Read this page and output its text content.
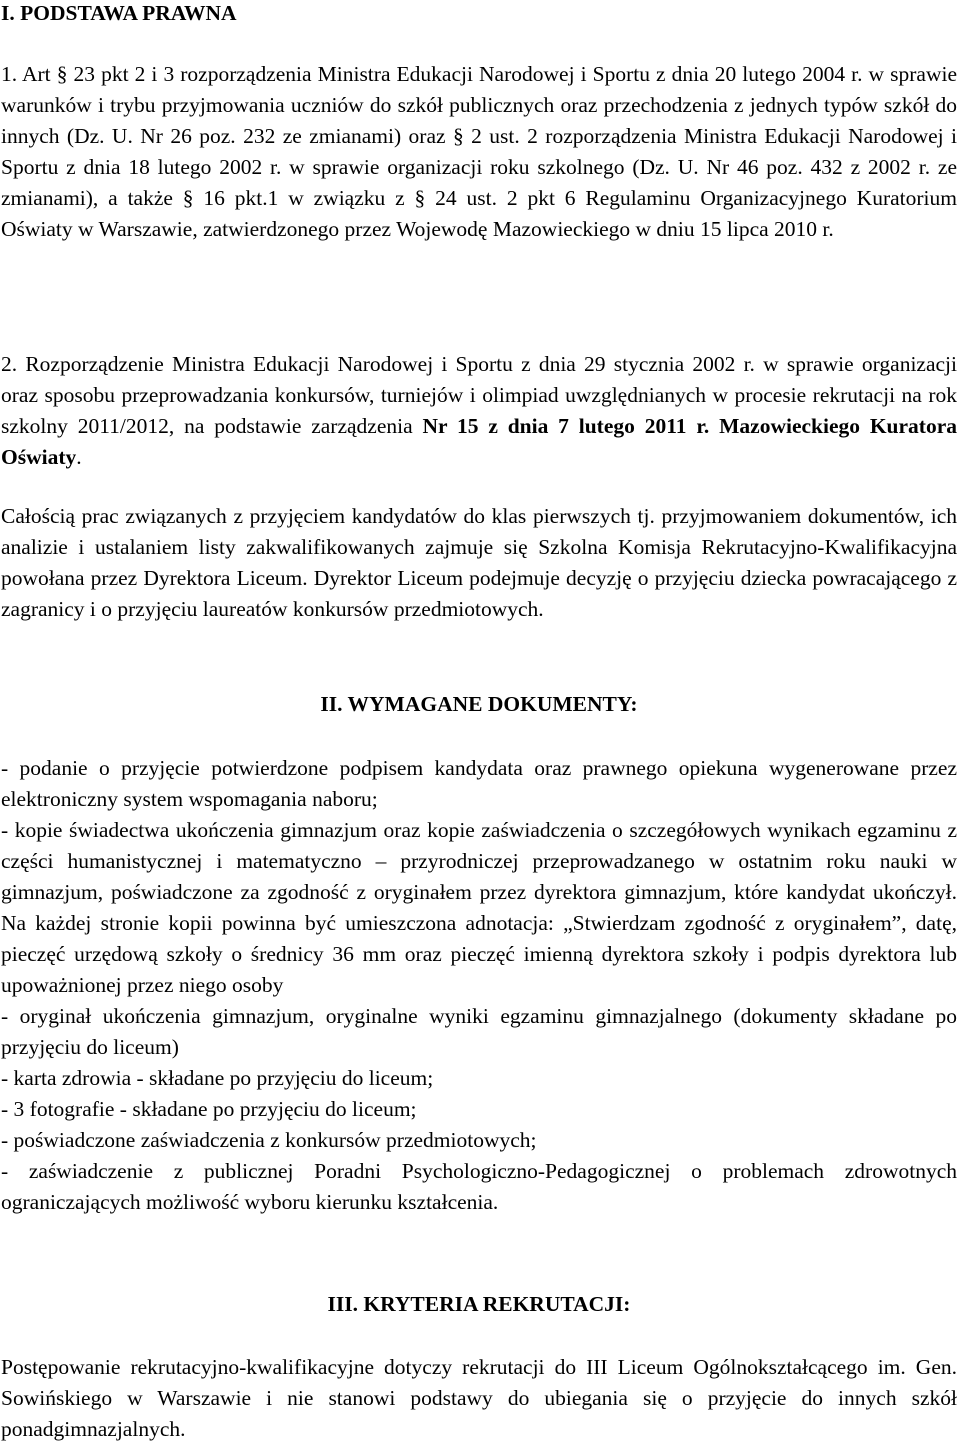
I. PODSTAWA PRAWNA

1. Art § 23 pkt 2 i 3 rozporządzenia Ministra Edukacji Narodowej i Sportu z dnia 20 lutego 2004 r. w sprawie warunków i trybu przyjmowania uczniów do szkół publicznych oraz przechodzenia z jednych typów szkół do innych (Dz. U. Nr 26 poz. 232 ze zmianami) oraz § 2 ust. 2 rozporządzenia Ministra Edukacji Narodowej i Sportu z dnia 18 lutego 2002 r. w sprawie organizacji roku szkolnego (Dz. U. Nr 46 poz. 432 z 2002 r. ze zmianami), a także § 16 pkt.1 w związku z § 24 ust. 2 pkt 6 Regulaminu Organizacyjnego Kuratorium Oświaty w Warszawie, zatwierdzonego przez Wojewodę Mazowieckiego w dniu 15 lipca 2010 r.

2. Rozporządzenie Ministra Edukacji Narodowej i Sportu z dnia 29 stycznia 2002 r. w sprawie organizacji oraz sposobu przeprowadzania konkursów, turniejów i olimpiad uwzględnianych w procesie rekrutacji na rok szkolny 2011/2012, na podstawie zarządzenia Nr 15 z dnia 7 lutego 2011 r. Mazowieckiego Kuratora Oświaty.

Całością prac związanych z przyjęciem kandydatów do klas pierwszych tj. przyjmowaniem dokumentów, ich analizie i ustalaniem listy zakwalifikowanych zajmuje się Szkolna Komisja Rekrutacyjno-Kwalifikacyjna powołana przez Dyrektora Liceum. Dyrektor Liceum podejmuje decyzję o przyjęciu dziecka powracającego z zagranicy i o przyjęciu laureatów konkursów przedmiotowych.

II. WYMAGANE DOKUMENTY:

- podanie o przyjęcie potwierdzone podpisem kandydata oraz prawnego opiekuna wygenerowane przez elektroniczny system wspomagania naboru;

- kopie świadectwa ukończenia gimnazjum oraz kopie zaświadczenia o szczegółowych wynikach egzaminu z części humanistycznej i matematyczno – przyrodniczej przeprowadzanego w ostatnim roku nauki w gimnazjum, poświadczone za zgodność z oryginałem przez dyrektora gimnazjum, które kandydat ukończył. Na każdej stronie kopii powinna być umieszczona adnotacja: „Stwierdzam zgodność z oryginałem”, datę, pieczęć urzędową szkoły o średnicy 36 mm oraz pieczęć imienną dyrektora szkoły i podpis dyrektora lub upoważnionej przez niego osoby

- oryginał ukończenia gimnazjum, oryginalne wyniki egzaminu gimnazjalnego (dokumenty składane po przyjęciu do liceum)

- karta zdrowia - składane po przyjęciu do liceum;

- 3 fotografie - składane po przyjęciu do liceum;

- poświadczone zaświadczenia z konkursów przedmiotowych;

- zaświadczenie z publicznej Poradni Psychologiczno-Pedagogicznej o problemach zdrowotnych ograniczających możliwość wyboru kierunku kształcenia.

III. KRYTERIA REKRUTACJI:

Postępowanie rekrutacyjno-kwalifikacyjne dotyczy rekrutacji do III Liceum Ogólnokształcącego im. Gen. Sowińskiego w Warszawie i nie stanowi podstawy do ubiegania się o przyjęcie do innych szkół ponadgimnazjalnych.
